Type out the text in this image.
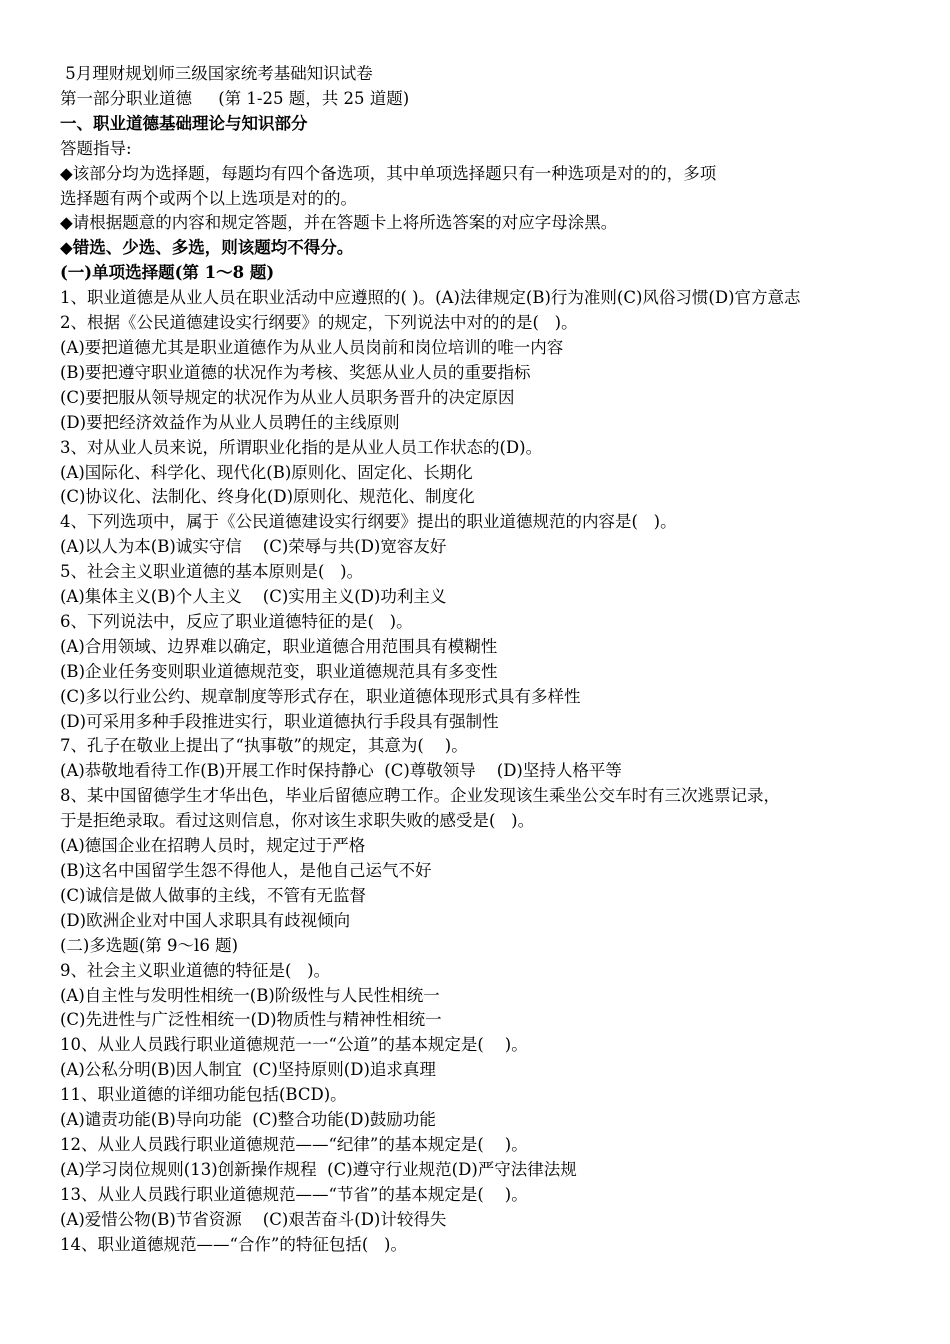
5月理财规划师三级国家统考基础知识试卷
第一部分职业道德     (第 1-25 题，共 25 道题)
一、职业道德基础理论与知识部分
答题指导:
◆该部分均为选择题，每题均有四个备选项，其中单项选择题只有一种选项是对的的，多项
选择题有两个或两个以上选项是对的的。
◆请根据题意的内容和规定答题，并在答题卡上将所选答案的对应字母涂黑。
◆错选、少选、多选，则该题均不得分。
(一)单项选择题(第 1～8 题)
1、职业道德是从业人员在职业活动中应遵照的( )。(A)法律规定(B)行为准则(C)风俗习惯(D)官方意志
2、根据《公民道德建设实行纲要》的规定，下列说法中对的的是(   )。
(A)要把道德尤其是职业道德作为从业人员岗前和岗位培训的唯一内容
(B)要把遵守职业道德的状况作为考核、奖惩从业人员的重要指标
(C)要把服从领导规定的状况作为从业人员职务晋升的决定原因
(D)要把经济效益作为从业人员聘任的主线原则
3、对从业人员来说，所谓职业化指的是从业人员工作状态的(D)。
(A)国际化、科学化、现代化(B)原则化、固定化、长期化
(C)协议化、法制化、终身化(D)原则化、规范化、制度化
4、下列选项中，属于《公民道德建设实行纲要》提出的职业道德规范的内容是(   )。
(A)以人为本(B)诚实守信    (C)荣辱与共(D)宽容友好
5、社会主义职业道德的基本原则是(   )。
(A)集体主义(B)个人主义    (C)实用主义(D)功利主义
6、下列说法中，反应了职业道德特征的是(   )。
(A)合用领域、边界难以确定，职业道德合用范围具有模糊性
(B)企业任务变则职业道德规范变，职业道德规范具有多变性
(C)多以行业公约、规章制度等形式存在，职业道德体现形式具有多样性
(D)可采用多种手段推进实行，职业道德执行手段具有强制性
7、孔子在敬业上提出了“执事敬”的规定，其意为(    )。
(A)恭敬地看待工作(B)开展工作时保持静心  (C)尊敬领导    (D)坚持人格平等
8、某中国留德学生才华出色，毕业后留德应聘工作。企业发现该生乘坐公交车时有三次逃票记录，
于是拒绝录取。看过这则信息，你对该生求职失败的感受是(   )。
(A)德国企业在招聘人员时，规定过于严格
(B)这名中国留学生怨不得他人，是他自己运气不好
(C)诚信是做人做事的主线，不管有无监督
(D)欧洲企业对中国人求职具有歧视倾向
(二)多选题(第 9～l6 题)
9、社会主义职业道德的特征是(   )。
(A)自主性与发明性相统一(B)阶级性与人民性相统一
(C)先进性与广泛性相统一(D)物质性与精神性相统一
10、从业人员践行职业道德规范一一“公道”的基本规定是(    )。
(A)公私分明(B)因人制宜  (C)坚持原则(D)追求真理
11、职业道德的详细功能包括(BCD)。
(A)谴责功能(B)导向功能  (C)整合功能(D)鼓励功能
12、从业人员践行职业道德规范——“纪律”的基本规定是(    )。
(A)学习岗位规则(13)创新操作规程  (C)遵守行业规范(D)严守法律法规
13、从业人员践行职业道德规范——“节省”的基本规定是(    )。
(A)爱惜公物(B)节省资源    (C)艰苦奋斗(D)计较得失
14、职业道德规范——“合作”的特征包括(   )。
